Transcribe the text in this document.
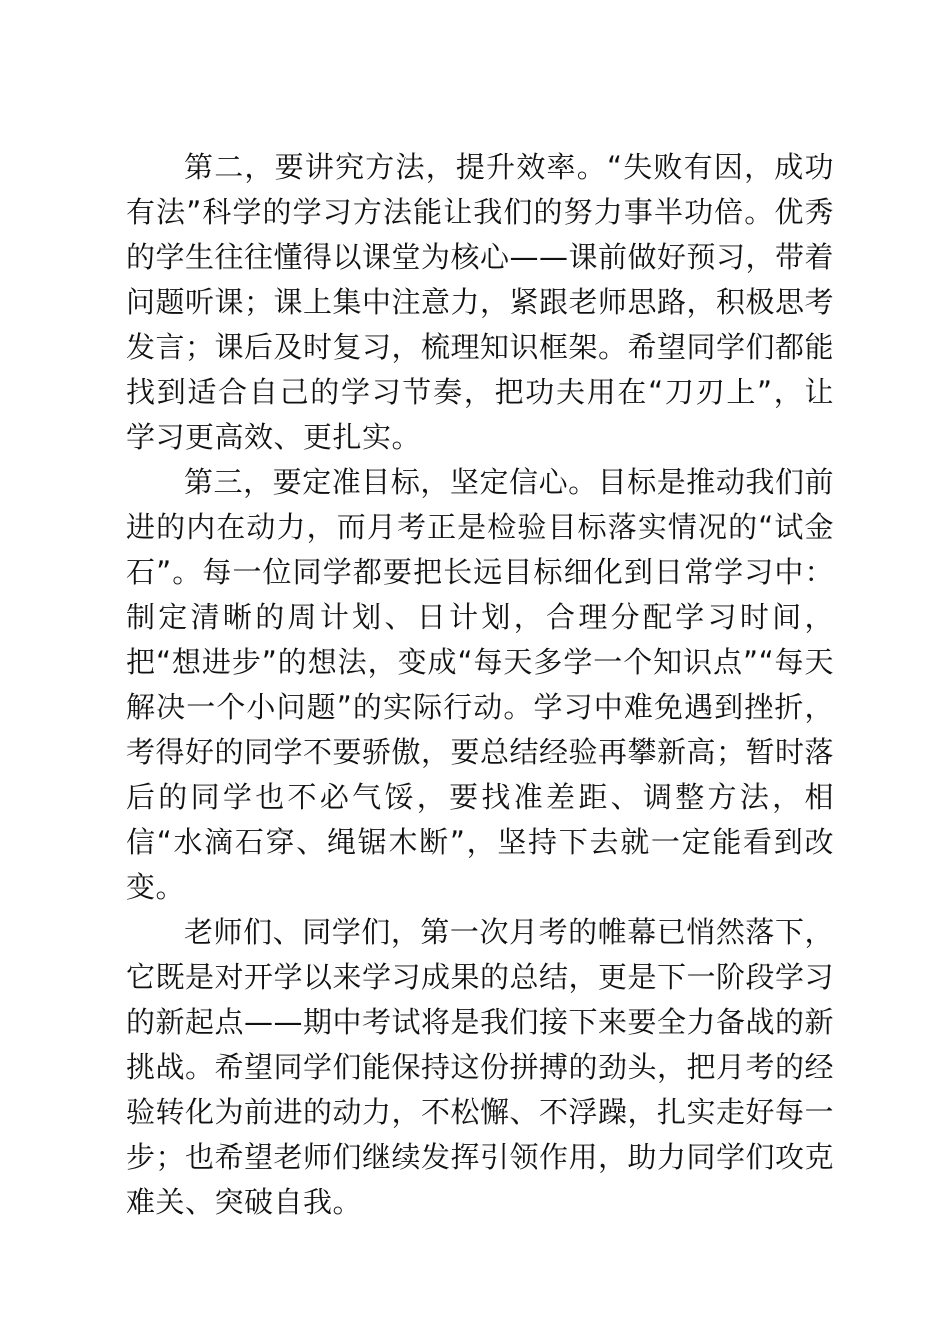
第二，要讲究方法，提升效率。“失败有因，成功有法”科学的学习方法能让我们的努力事半功倍。优秀的学生往往懂得以课堂为核心——课前做好预习，带着问题听课；课上集中注意力，紧跟老师思路，积极思考发言；课后及时复习，梳理知识框架。希望同学们都能找到适合自己的学习节奏，把功夫用在“刀刃上”，让学习更高效、更扎实。

第三，要定准目标，坚定信心。目标是推动我们前进的内在动力，而月考正是检验目标落实情况的“试金石”。每一位同学都要把长远目标细化到日常学习中：制定清晰的周计划、日计划，合理分配学习时间，把“想进步”的想法，变成“每天多学一个知识点”“每天解决一个小问题”的实际行动。学习中难免遇到挫折，考得好的同学不要骄傲，要总结经验再攀新高；暂时落后的同学也不必气馁，要找准差距、调整方法，相信“水滴石穿、绳锯木断”，坚持下去就一定能看到改变。

老师们、同学们，第一次月考的帷幕已悄然落下，它既是对开学以来学习成果的总结，更是下一阶段学习的新起点——期中考试将是我们接下来要全力备战的新挑战。希望同学们能保持这份拼搏的劲头，把月考的经验转化为前进的动力，不松懈、不浮躁，扎实走好每一步；也希望老师们继续发挥引领作用，助力同学们攻克难关、突破自我。
